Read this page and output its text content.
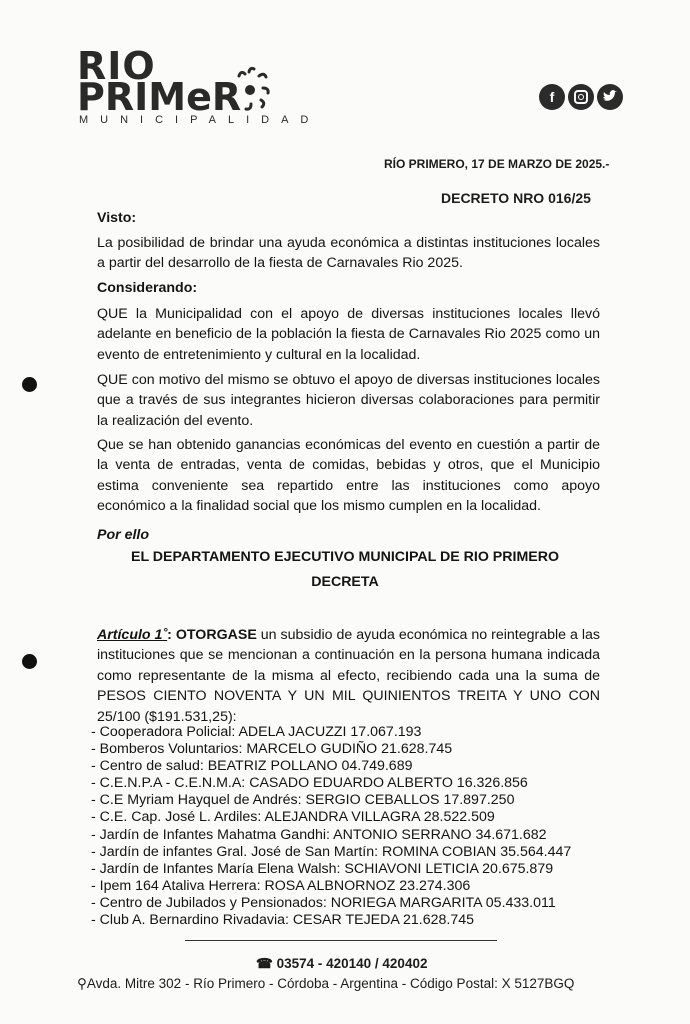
RIO
PRIMeR
MUNICIPALIDAD
f
RÍO PRIMERO, 17 DE MARZO DE 2025.-
DECRETO NRO 016/25
Visto:

La posibilidad de brindar una ayuda económica a distintas instituciones locales a partir del desarrollo de la fiesta de Carnavales Rio 2025.

Considerando:

QUE la Municipalidad con el apoyo de diversas instituciones locales llevó adelante en beneficio de la población la fiesta de Carnavales Rio 2025 como un evento de entretenimiento y cultural en la localidad.

QUE con motivo del mismo se obtuvo el apoyo de diversas instituciones locales que a través de sus integrantes hicieron diversas colaboraciones para permitir la realización del evento.

Que se han obtenido ganancias económicas del evento en cuestión a partir de la venta de entradas, venta de comidas, bebidas y otros, que el Municipio estima conveniente sea repartido entre las instituciones como apoyo económico a la finalidad social que los mismo cumplen en la localidad.

Por ello
EL DEPARTAMENTO EJECUTIVO MUNICIPAL DE RIO PRIMERO
DECRETA

Artículo 1˚: OTORGASE un subsidio de ayuda económica no reintegrable a las instituciones que se mencionan a continuación en la persona humana indicada como representante de la misma al efecto, recibiendo cada una la suma de PESOS CIENTO NOVENTA Y UN MIL QUINIENTOS TREITA Y UNO CON 25/100 ($191.531,25):

- Cooperadora Policial: ADELA JACUZZI 17.067.193
- Bomberos Voluntarios: MARCELO GUDIÑO 21.628.745
- Centro de salud: BEATRIZ POLLANO 04.749.689
- C.E.N.P.A - C.E.N.M.A: CASADO EDUARDO ALBERTO 16.326.856
- C.E Myriam Hayquel de Andrés: SERGIO CEBALLOS 17.897.250
- C.E. Cap. José L. Ardiles: ALEJANDRA VILLAGRA 28.522.509
- Jardín de Infantes Mahatma Gandhi: ANTONIO SERRANO 34.671.682
- Jardín de infantes Gral. José de San Martín: ROMINA COBIAN 35.564.447
- Jardín de Infantes María Elena Walsh: SCHIAVONI LETICIA 20.675.879
- Ipem 164 Ataliva Herrera: ROSA ALBNORNOZ 23.274.306
- Centro de Jubilados y Pensionados: NORIEGA MARGARITA 05.433.011
- Club A. Bernardino Rivadavia: CESAR TEJEDA 21.628.745
☎ 03574 - 420140 / 420402
⚲Avda. Mitre 302 - Río Primero - Córdoba - Argentina - Código Postal: X 5127BGQ
